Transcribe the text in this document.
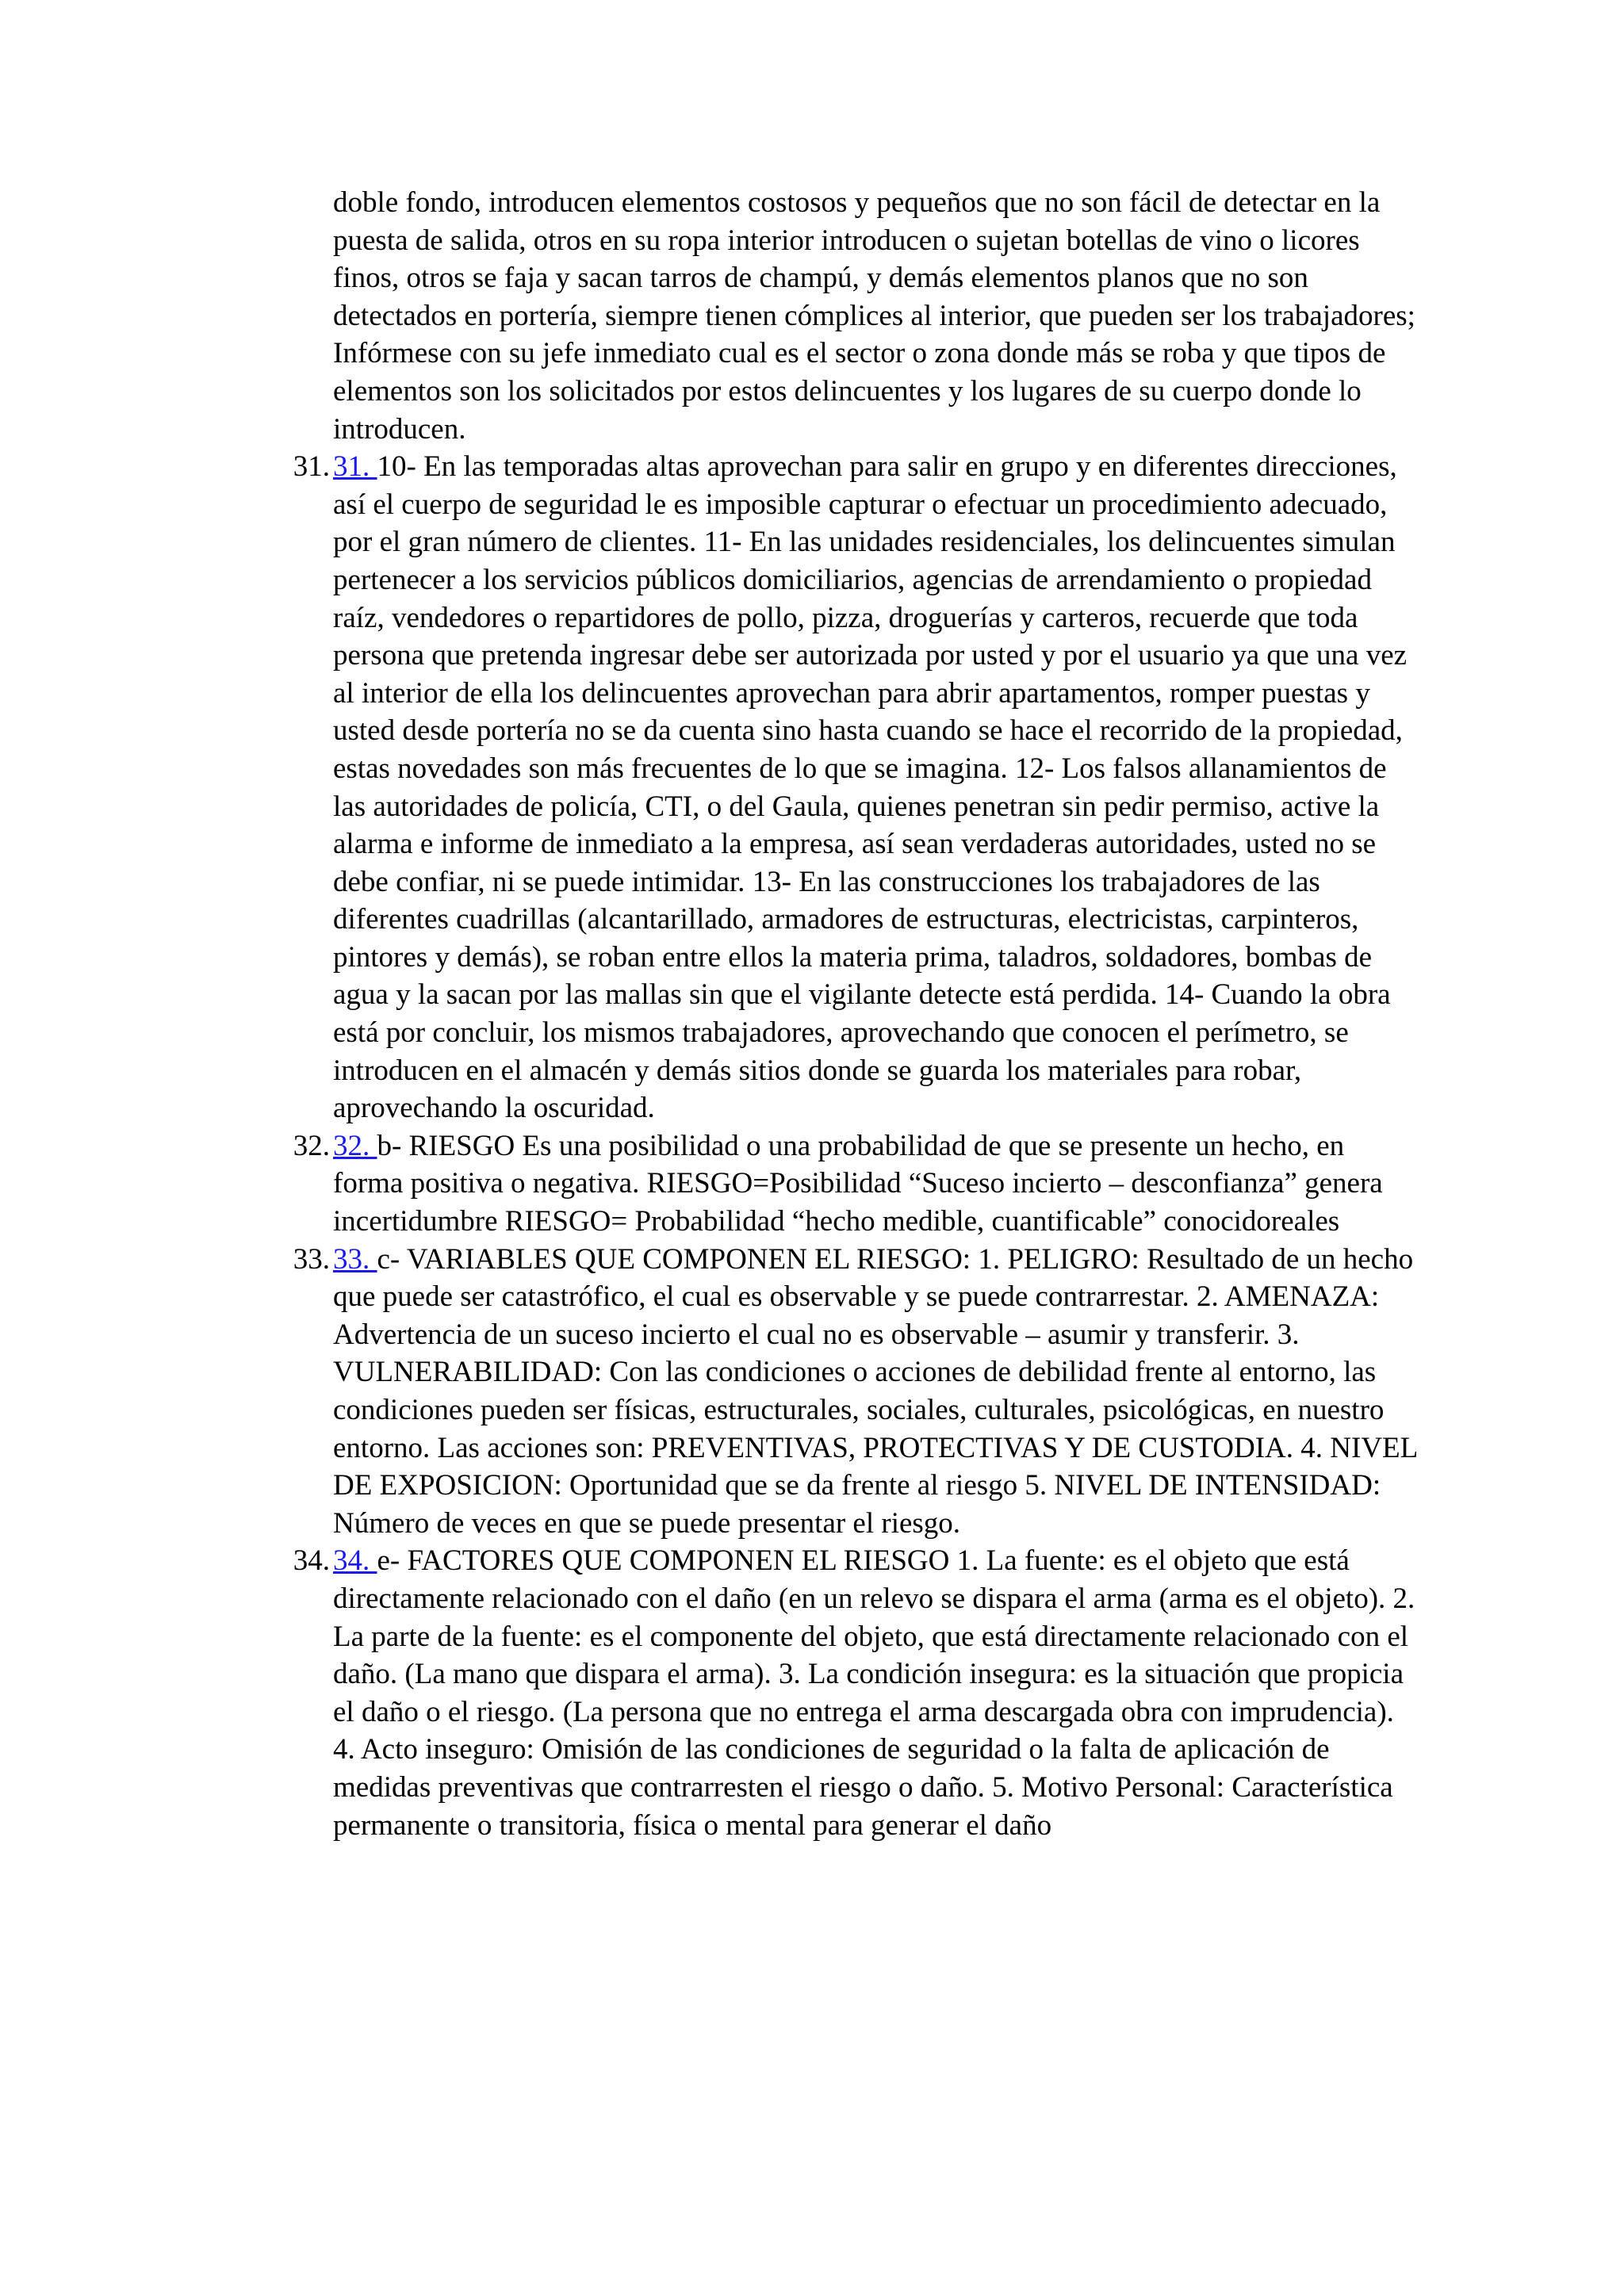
doble fondo, introducen elementos costosos y pequeños que no son fácil de detectar en la puesta de salida, otros en su ropa interior introducen o sujetan botellas de vino o licores finos, otros se faja y sacan tarros de champú, y demás elementos planos que no son detectados en portería, siempre tienen cómplices al interior, que pueden ser los trabajadores; Infórmese con su jefe inmediato cual es el sector o zona donde más se roba y que tipos de elementos son los solicitados por estos delincuentes y los lugares de su cuerpo donde lo introducen.

31. 31. 10- En las temporadas altas aprovechan para salir en grupo y en diferentes direcciones, así el cuerpo de seguridad le es imposible capturar o efectuar un procedimiento adecuado, por el gran número de clientes. 11- En las unidades residenciales, los delincuentes simulan pertenecer a los servicios públicos domiciliarios, agencias de arrendamiento o propiedad raíz, vendedores o repartidores de pollo, pizza, droguerías y carteros, recuerde que toda persona que pretenda ingresar debe ser autorizada por usted y por el usuario ya que una vez al interior de ella los delincuentes aprovechan para abrir apartamentos, romper puestas y usted desde portería no se da cuenta sino hasta cuando se hace el recorrido de la propiedad, estas novedades son más frecuentes de lo que se imagina. 12- Los falsos allanamientos de las autoridades de policía, CTI, o del Gaula, quienes penetran sin pedir permiso, active la alarma e informe de inmediato a la empresa, así sean verdaderas autoridades, usted no se debe confiar, ni se puede intimidar. 13- En las construcciones los trabajadores de las diferentes cuadrillas (alcantarillado, armadores de estructuras, electricistas, carpinteros, pintores y demás), se roban entre ellos la materia prima, taladros, soldadores, bombas de agua y la sacan por las mallas sin que el vigilante detecte está perdida. 14- Cuando la obra está por concluir, los mismos trabajadores, aprovechando que conocen el perímetro, se introducen en el almacén y demás sitios donde se guarda los materiales para robar, aprovechando la oscuridad.
32. 32. b- RIESGO Es una posibilidad o una probabilidad de que se presente un hecho, en forma positiva o negativa. RIESGO=Posibilidad “Suceso incierto – desconfianza” genera incertidumbre RIESGO= Probabilidad “hecho medible, cuantificable” conocidoreales
33. 33. c- VARIABLES QUE COMPONEN EL RIESGO: 1. PELIGRO: Resultado de un hecho que puede ser catastrófico, el cual es observable y se puede contrarrestar. 2. AMENAZA: Advertencia de un suceso incierto el cual no es observable – asumir y transferir. 3. VULNERABILIDAD: Con las condiciones o acciones de debilidad frente al entorno, las condiciones pueden ser físicas, estructurales, sociales, culturales, psicológicas, en nuestro entorno. Las acciones son: PREVENTIVAS, PROTECTIVAS Y DE CUSTODIA. 4. NIVEL DE EXPOSICION: Oportunidad que se da frente al riesgo 5. NIVEL DE INTENSIDAD: Número de veces en que se puede presentar el riesgo.
34. 34. e- FACTORES QUE COMPONEN EL RIESGO 1. La fuente: es el objeto que está directamente relacionado con el daño (en un relevo se dispara el arma (arma es el objeto). 2. La parte de la fuente: es el componente del objeto, que está directamente relacionado con el daño. (La mano que dispara el arma). 3. La condición insegura: es la situación que propicia el daño o el riesgo. (La persona que no entrega el arma descargada obra con imprudencia). 4. Acto inseguro: Omisión de las condiciones de seguridad o la falta de aplicación de medidas preventivas que contrarresten el riesgo o daño. 5. Motivo Personal: Característica permanente o transitoria, física o mental para generar el daño
